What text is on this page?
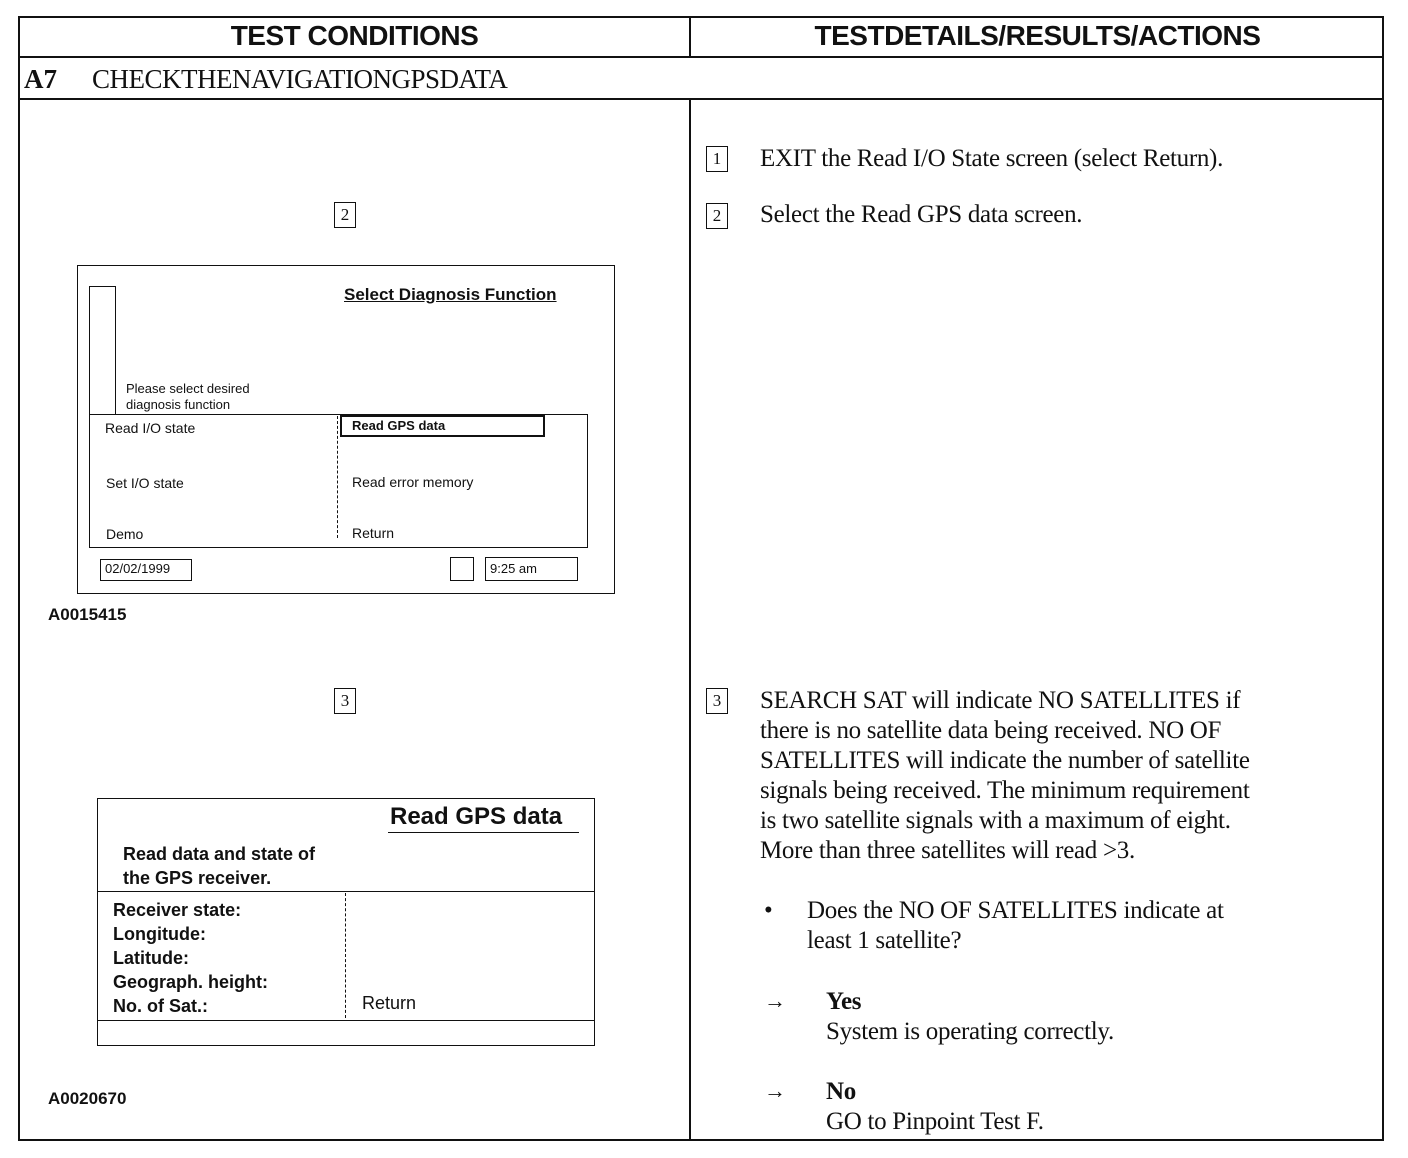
TEST CONDITIONS	TESTDETAILS/RESULTS/ACTIONS
A7 CHECKTHENAVIGATIONGPSDATA
2
Select Diagnosis Function
Please select desired
diagnosis function
Read I/O state
Set I/O state
Demo
Read GPS data
Read error memory
Return
02/02/1999	9:25 am
A0015415
3
Read GPS data
Read data and state of
the GPS receiver.
Receiver state:
Longitude:
Latitude:
Geograph. height:
No. of Sat.:	Return
A0020670
1 EXIT the Read I/O State screen (select Return).
2 Select the Read GPS data screen.
3 SEARCH SAT will indicate NO SATELLITES if
there is no satellite data being received. NO OF
SATELLITES will indicate the number of satellite
signals being received. The minimum requirement
is two satellite signals with a maximum of eight.
More than three satellites will read >3.
• Does the NO OF SATELLITES indicate at
least 1 satellite?
→ Yes
System is operating correctly.
→ No
GO to Pinpoint Test F.
